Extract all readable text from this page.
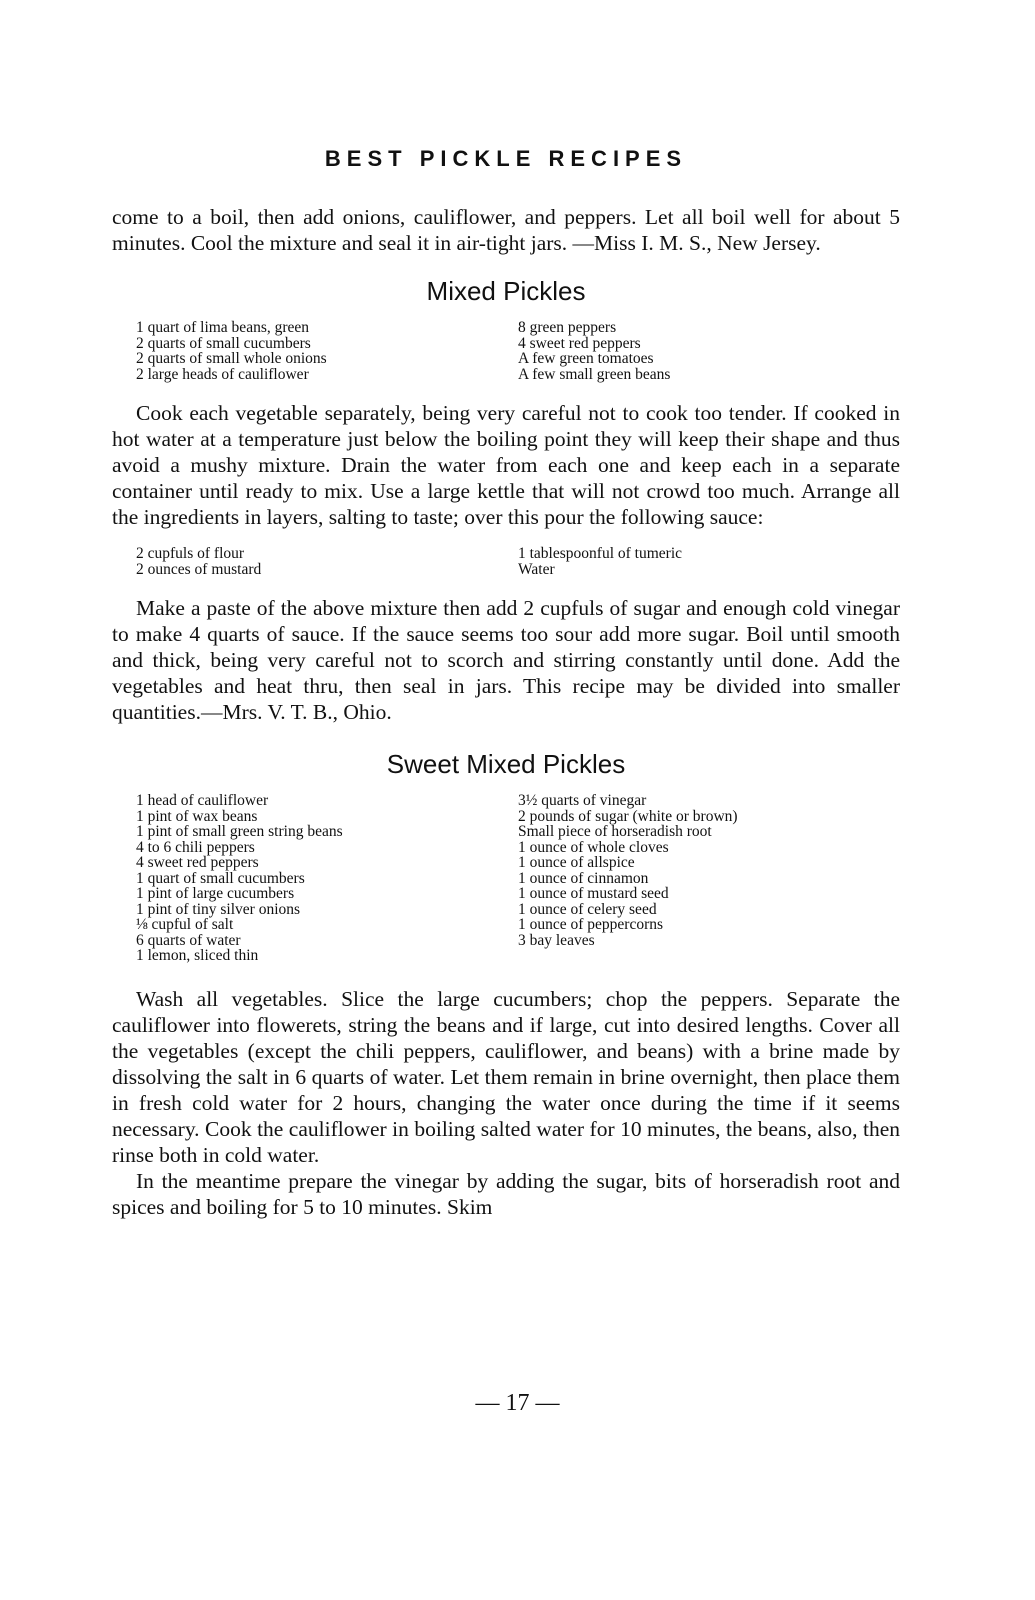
BEST PICKLE RECIPES

come to a boil, then add onions, cauliflower, and peppers. Let all boil well for about 5 minutes. Cool the mixture and seal it in air-tight jars. —Miss I. M. S., New Jersey.

Mixed Pickles
1 quart of lima beans, green
2 quarts of small cucumbers
2 quarts of small whole onions
2 large heads of cauliflower
8 green peppers
4 sweet red peppers
A few green tomatoes
A few small green beans

Cook each vegetable separately, being very careful not to cook too tender. If cooked in hot water at a temperature just below the boiling point they will keep their shape and thus avoid a mushy mixture. Drain the water from each one and keep each in a separate container until ready to mix. Use a large kettle that will not crowd too much. Arrange all the ingredients in layers, salting to taste; over this pour the following sauce:

2 cupfuls of flour
2 ounces of mustard
1 tablespoonful of tumeric
Water

Make a paste of the above mixture then add 2 cupfuls of sugar and enough cold vinegar to make 4 quarts of sauce. If the sauce seems too sour add more sugar. Boil until smooth and thick, being very careful not to scorch and stirring constantly until done. Add the vegetables and heat thru, then seal in jars. This recipe may be divided into smaller quantities.—Mrs. V. T. B., Ohio.

Sweet Mixed Pickles
1 head of cauliflower
1 pint of wax beans
1 pint of small green string beans
4 to 6 chili peppers
4 sweet red peppers
1 quart of small cucumbers
1 pint of large cucumbers
1 pint of tiny silver onions
⅛ cupful of salt
6 quarts of water
3½ quarts of vinegar
2 pounds of sugar (white or brown)
Small piece of horseradish root
1 ounce of whole cloves
1 ounce of allspice
1 ounce of cinnamon
1 ounce of mustard seed
1 ounce of celery seed
1 ounce of peppercorns
3 bay leaves
1 lemon, sliced thin

Wash all vegetables. Slice the large cucumbers; chop the peppers. Separate the cauliflower into flowerets, string the beans and if large, cut into desired lengths. Cover all the vegetables (except the chili peppers, cauliflower, and beans) with a brine made by dissolving the salt in 6 quarts of water. Let them remain in brine overnight, then place them in fresh cold water for 2 hours, changing the water once during the time if it seems necessary. Cook the cauliflower in boiling salted water for 10 minutes, the beans, also, then rinse both in cold water.

In the meantime prepare the vinegar by adding the sugar, bits of horseradish root and spices and boiling for 5 to 10 minutes. Skim

— 17 —
